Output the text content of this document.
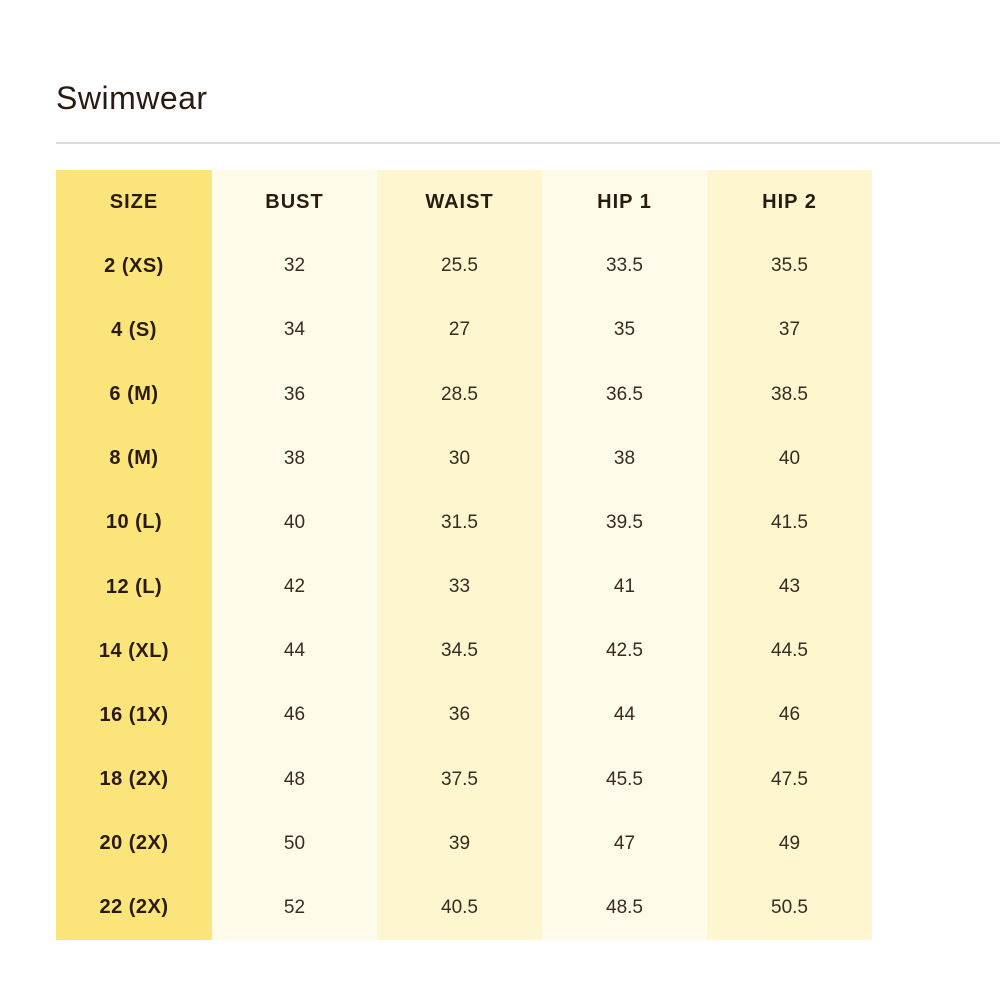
Swimwear
SIZE	BUST	WAIST	HIP 1	HIP 2
2 (XS)	32	25.5	33.5	35.5
4 (S)	34	27	35	37
6 (M)	36	28.5	36.5	38.5
8 (M)	38	30	38	40
10 (L)	40	31.5	39.5	41.5
12 (L)	42	33	41	43
14 (XL)	44	34.5	42.5	44.5
16 (1X)	46	36	44	46
18 (2X)	48	37.5	45.5	47.5
20 (2X)	50	39	47	49
22 (2X)	52	40.5	48.5	50.5
